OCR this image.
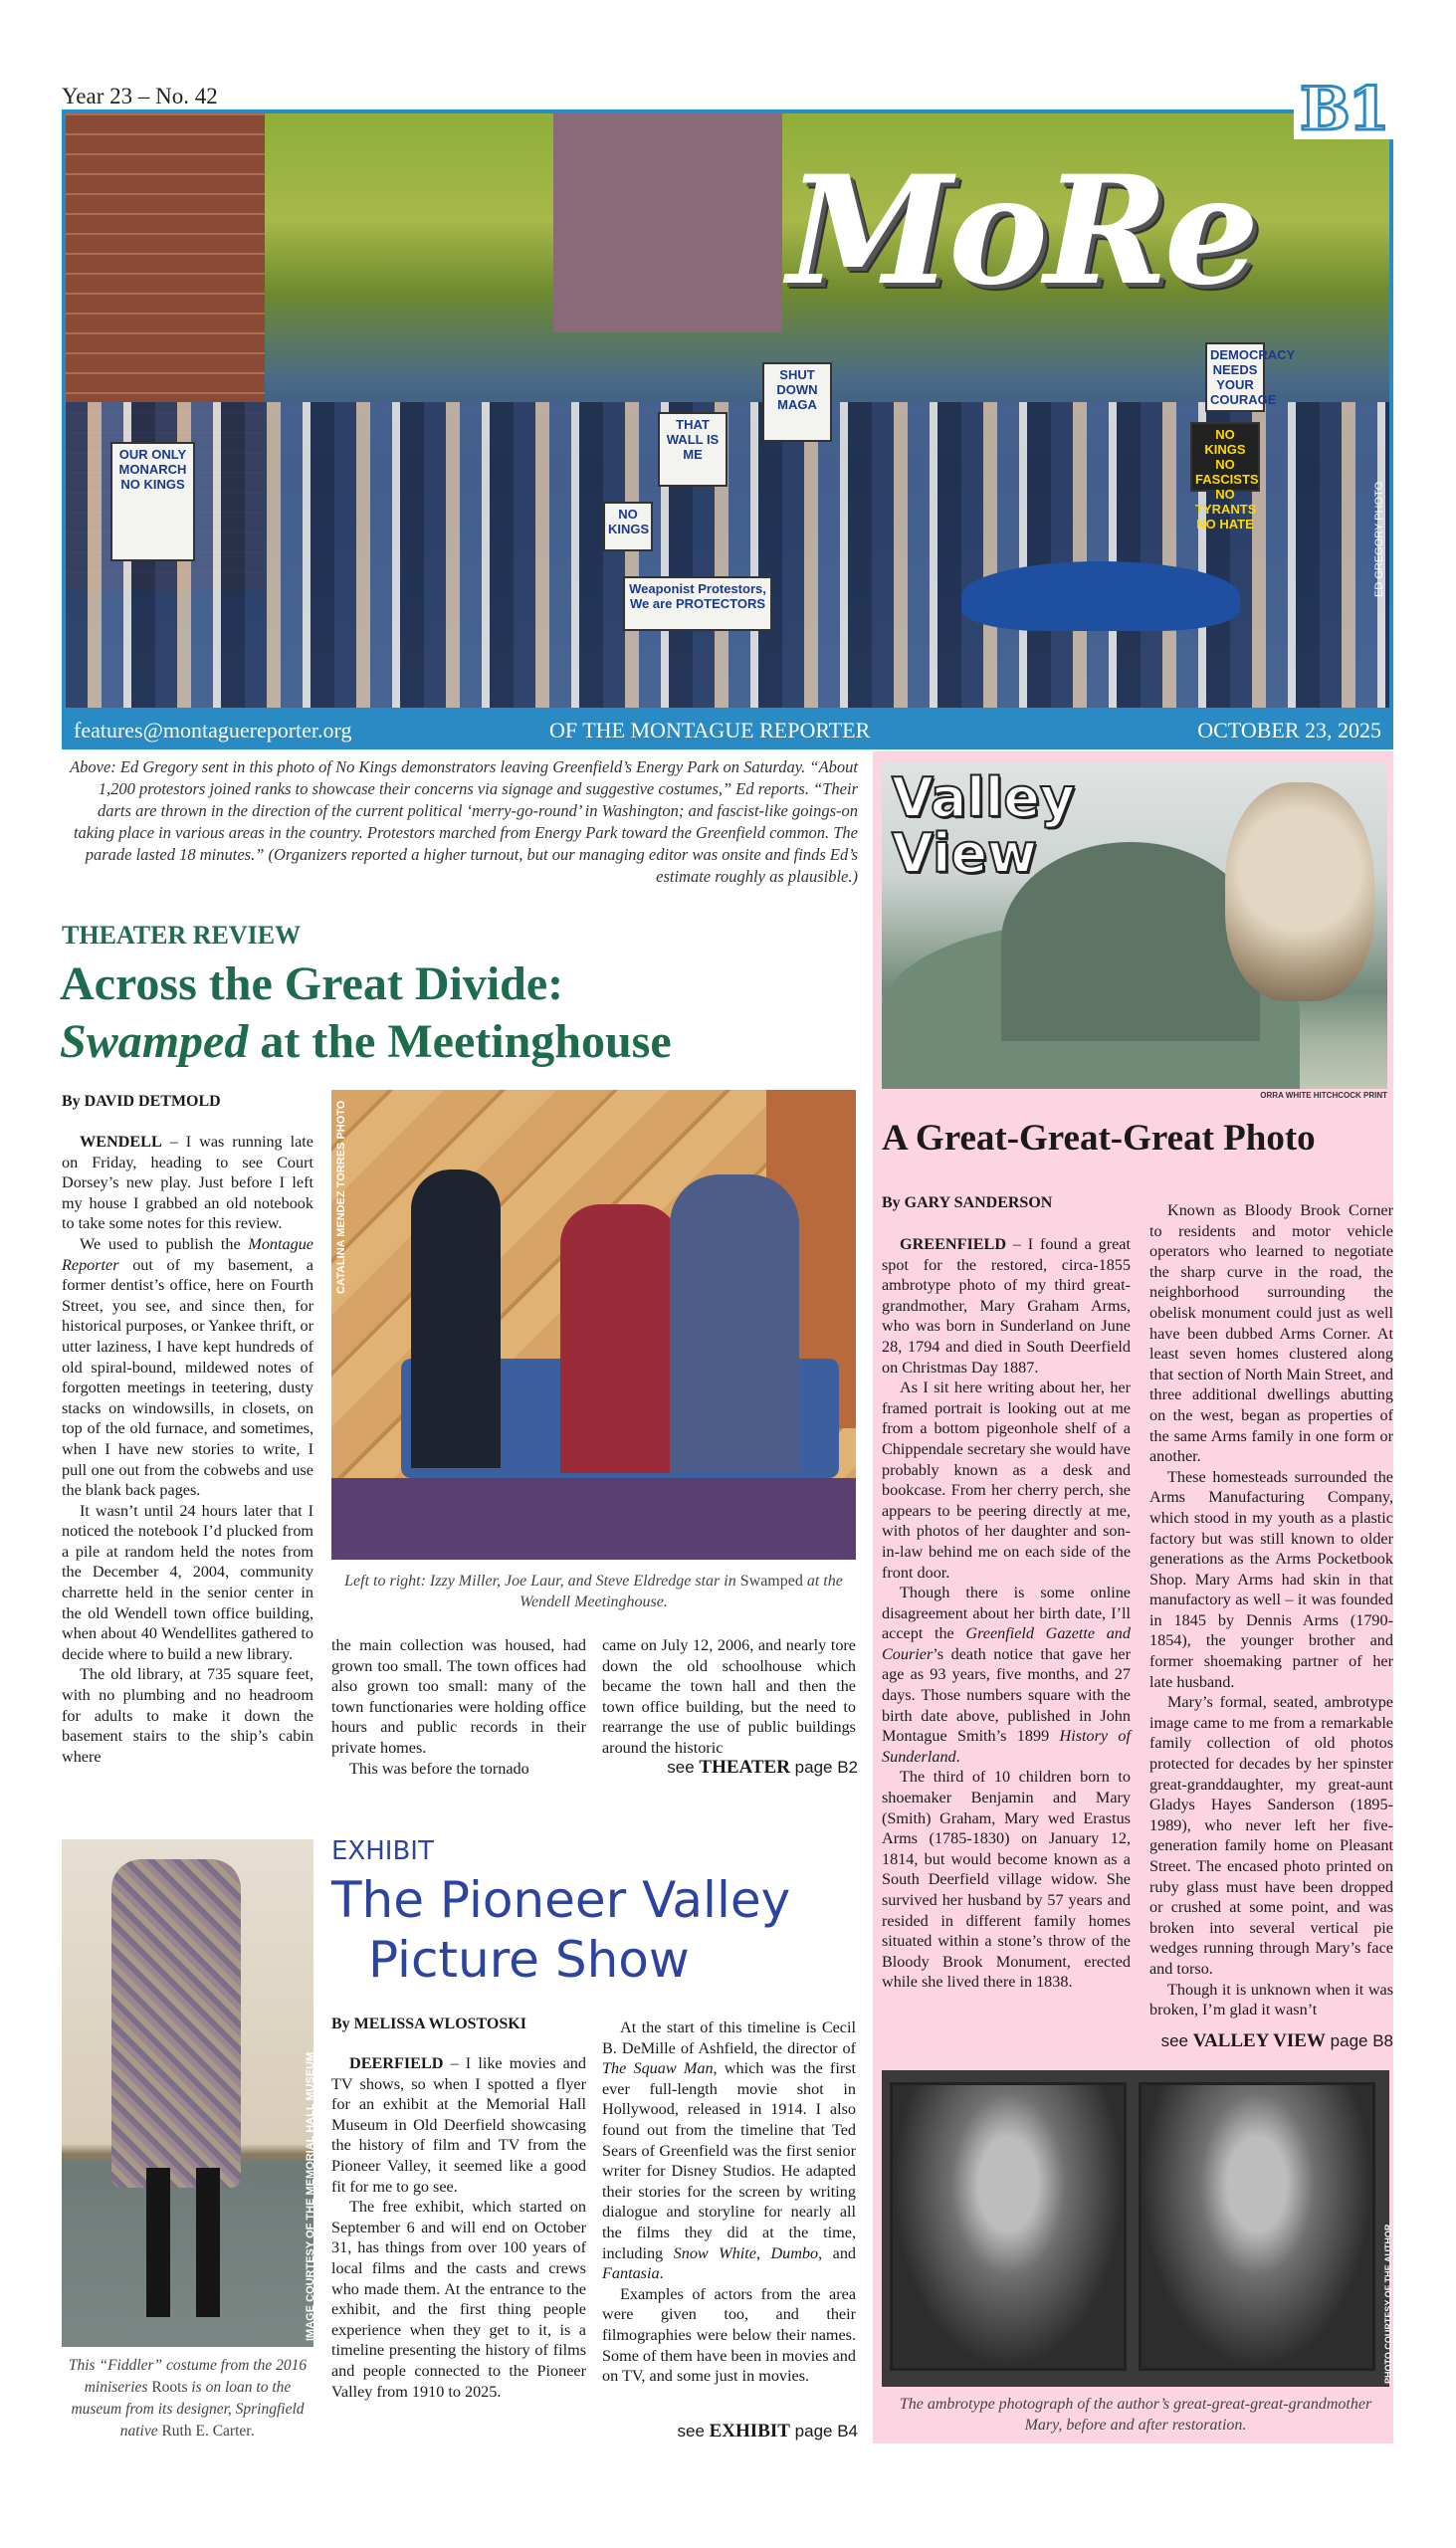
Year 23 – No. 42
OUR ONLY MONARCH NO KINGS
SHUT DOWN MAGA
THAT WALL IS ME
NO KINGS
Weaponist Protestors, We are PROTECTORS
DEMOCRACY NEEDS YOUR COURAGE
NO KINGS NO FASCISTS NO TYRANTS NO HATE
MoRe
B1
ED GREGORY PHOTO
features@montaguereporter.org	OF THE MONTAGUE REPORTER	OCTOBER 23, 2025
Above: Ed Gregory sent in this photo of No Kings demonstrators leaving Greenfield’s Energy Park on Saturday. “About 1,200 protestors joined ranks to showcase their concerns via signage and suggestive costumes,” Ed reports. “Their darts are thrown in the direction of the current political ‘merry-go-round’ in Washington; and fascist-like goings-on taking place in various areas in the country. Protestors marched from Energy Park toward the Greenfield common. The parade lasted 18 minutes.” (Organizers reported a higher turnout, but our managing editor was onsite and finds Ed’s estimate roughly as plausible.)
Valley
View
ORRA WHITE HITCHCOCK PRINT
A Great-Great-Great Photo
By GARY SANDERSON

GREENFIELD – I found a great spot for the restored, circa-1855 ambrotype photo of my third great-grandmother, Mary Graham Arms, who was born in Sunderland on June 28, 1794 and died in South Deerfield on Christmas Day 1887.

As I sit here writing about her, her framed portrait is looking out at me from a bottom pigeonhole shelf of a Chippendale secretary she would have probably known as a desk and bookcase. From her cherry perch, she appears to be peering directly at me, with photos of her daughter and son-in-law behind me on each side of the front door.

Though there is some online disagreement about her birth date, I’ll accept the Greenfield Gazette and Courier’s death notice that gave her age as 93 years, five months, and 27 days. Those numbers square with the birth date above, published in John Montague Smith’s 1899 History of Sunderland.

The third of 10 children born to shoemaker Benjamin and Mary (Smith) Graham, Mary wed Erastus Arms (1785-1830) on January 12, 1814, but would become known as a South Deerfield village widow. She survived her husband by 57 years and resided in different family homes situated within a stone’s throw of the Bloody Brook Monument, erected while she lived there in 1838.

Known as Bloody Brook Corner to residents and motor vehicle operators who learned to negotiate the sharp curve in the road, the neighborhood surrounding the obelisk monument could just as well have been dubbed Arms Corner. At least seven homes clustered along that section of North Main Street, and three additional dwellings abutting on the west, began as properties of the same Arms family in one form or another.

These homesteads surrounded the Arms Manufacturing Company, which stood in my youth as a plastic factory but was still known to older generations as the Arms Pocketbook Shop. Mary Arms had skin in that manufactory as well – it was founded in 1845 by Dennis Arms (1790-1854), the younger brother and former shoemaking partner of her late husband.

Mary’s formal, seated, ambrotype image came to me from a remarkable family collection of old photos protected for decades by her spinster great-granddaughter, my great-aunt Gladys Hayes Sanderson (1895-1989), who never left her five-generation family home on Pleasant Street. The encased photo printed on ruby glass must have been dropped or crushed at some point, and was broken into several vertical pie wedges running through Mary’s face and torso.

Though it is unknown when it was broken, I’m glad it wasn’t

see VALLEY VIEW page B8
PHOTO COURTESY OF THE AUTHOR
The ambrotype photograph of the author’s great-great-great-grandmother Mary, before and after restoration.
THEATER REVIEW
Across the Great Divide:
Swamped at the Meetinghouse
By DAVID DETMOLD

WENDELL – I was running late on Friday, heading to see Court Dorsey’s new play. Just before I left my house I grabbed an old notebook to take some notes for this review.

We used to publish the Montague Reporter out of my basement, a former dentist’s office, here on Fourth Street, you see, and since then, for historical purposes, or Yankee thrift, or utter laziness, I have kept hundreds of old spiral-bound, mildewed notes of forgotten meetings in teetering, dusty stacks on windowsills, in closets, on top of the old furnace, and sometimes, when I have new stories to write, I pull one out from the cobwebs and use the blank back pages.

It wasn’t until 24 hours later that I noticed the notebook I’d plucked from a pile at random held the notes from the December 4, 2004, community charrette held in the senior center in the old Wendell town office building, when about 40 Wendellites gathered to decide where to build a new library.

The old library, at 735 square feet, with no plumbing and no headroom for adults to make it down the basement stairs to the ship’s cabin where

CATALINA MENDEZ TORRES PHOTO
Left to right: Izzy Miller, Joe Laur, and Steve Eldredge star in Swamped at the Wendell Meetinghouse.

the main collection was housed, had grown too small. The town offices had also grown too small: many of the town functionaries were holding office hours and public records in their private homes.

This was before the tornado

came on July 12, 2006, and nearly tore down the old schoolhouse which became the town hall and then the town office building, but the need to rearrange the use of public buildings around the historic

see THEATER page B2
IMAGE COURTESY OF THE MEMORIAL HALL MUSEUM
This “Fiddler” costume from the 2016 miniseries Roots is on loan to the museum from its designer, Springfield native Ruth E. Carter.
EXHIBIT
The Pioneer Valley
Picture Show
By MELISSA WLOSTOSKI

DEERFIELD – I like movies and TV shows, so when I spotted a flyer for an exhibit at the Memorial Hall Museum in Old Deerfield showcasing the history of film and TV from the Pioneer Valley, it seemed like a good fit for me to go see.

The free exhibit, which started on September 6 and will end on October 31, has things from over 100 years of local films and the casts and crews who made them. At the entrance to the exhibit, and the first thing people experience when they get to it, is a timeline presenting the history of films and people connected to the Pioneer Valley from 1910 to 2025.

At the start of this timeline is Cecil B. DeMille of Ashfield, the director of The Squaw Man, which was the first ever full-length movie shot in Hollywood, released in 1914. I also found out from the timeline that Ted Sears of Greenfield was the first senior writer for Disney Studios. He adapted their stories for the screen by writing dialogue and storyline for nearly all the films they did at the time, including Snow White, Dumbo, and Fantasia.

Examples of actors from the area were given too, and their filmographies were below their names. Some of them have been in movies and on TV, and some just in movies.

see EXHIBIT page B4
